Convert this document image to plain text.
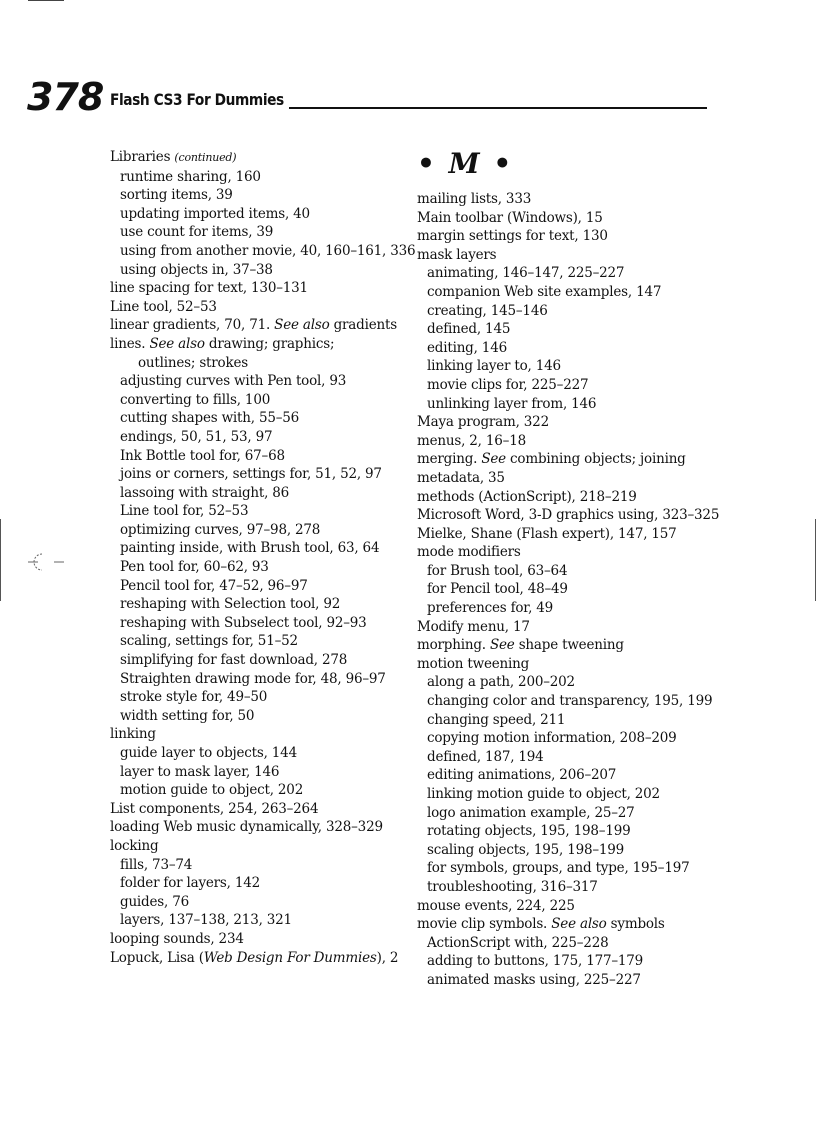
378 Flash CS3 For Dummies
Libraries (continued)
runtime sharing, 160
sorting items, 39
updating imported items, 40
use count for items, 39
using from another movie, 40, 160–161, 336
using objects in, 37–38
line spacing for text, 130–131
Line tool, 52–53
linear gradients, 70, 71. See also gradients
lines. See also drawing; graphics;
outlines; strokes
adjusting curves with Pen tool, 93
converting to fills, 100
cutting shapes with, 55–56
endings, 50, 51, 53, 97
Ink Bottle tool for, 67–68
joins or corners, settings for, 51, 52, 97
lassoing with straight, 86
Line tool for, 52–53
optimizing curves, 97–98, 278
painting inside, with Brush tool, 63, 64
Pen tool for, 60–62, 93
Pencil tool for, 47–52, 96–97
reshaping with Selection tool, 92
reshaping with Subselect tool, 92–93
scaling, settings for, 51–52
simplifying for fast download, 278
Straighten drawing mode for, 48, 96–97
stroke style for, 49–50
width setting for, 50
linking
guide layer to objects, 144
layer to mask layer, 146
motion guide to object, 202
List components, 254, 263–264
loading Web music dynamically, 328–329
locking
fills, 73–74
folder for layers, 142
guides, 76
layers, 137–138, 213, 321
looping sounds, 234
Lopuck, Lisa (Web Design For Dummies), 2
• M •
mailing lists, 333
Main toolbar (Windows), 15
margin settings for text, 130
mask layers
animating, 146–147, 225–227
companion Web site examples, 147
creating, 145–146
defined, 145
editing, 146
linking layer to, 146
movie clips for, 225–227
unlinking layer from, 146
Maya program, 322
menus, 2, 16–18
merging. See combining objects; joining
metadata, 35
methods (ActionScript), 218–219
Microsoft Word, 3-D graphics using, 323–325
Mielke, Shane (Flash expert), 147, 157
mode modifiers
for Brush tool, 63–64
for Pencil tool, 48–49
preferences for, 49
Modify menu, 17
morphing. See shape tweening
motion tweening
along a path, 200–202
changing color and transparency, 195, 199
changing speed, 211
copying motion information, 208–209
defined, 187, 194
editing animations, 206–207
linking motion guide to object, 202
logo animation example, 25–27
rotating objects, 195, 198–199
scaling objects, 195, 198–199
for symbols, groups, and type, 195–197
troubleshooting, 316–317
mouse events, 224, 225
movie clip symbols. See also symbols
ActionScript with, 225–228
adding to buttons, 175, 177–179
animated masks using, 225–227
